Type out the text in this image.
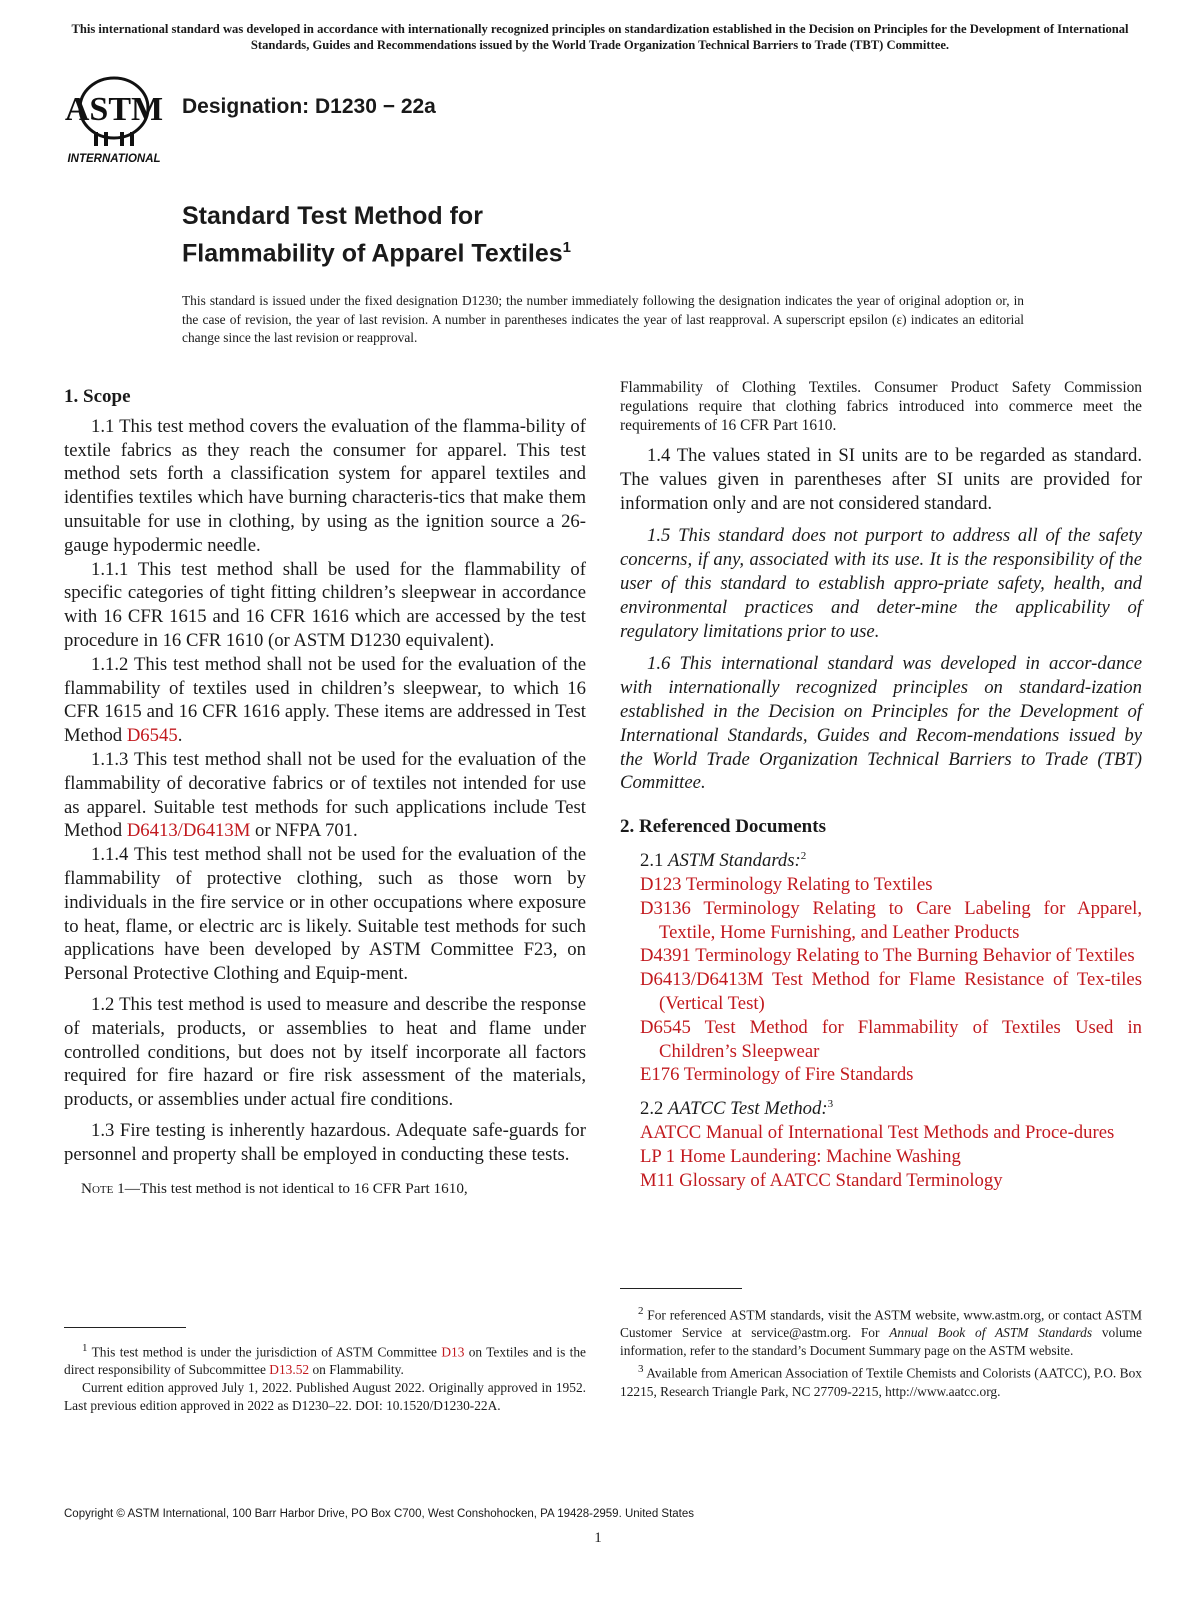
This international standard was developed in accordance with internationally recognized principles on standardization established in the Decision on Principles for the Development of International Standards, Guides and Recommendations issued by the World Trade Organization Technical Barriers to Trade (TBT) Committee.
ASTM
INTERNATIONAL
Designation: D1230 − 22a
Standard Test Method for
Flammability of Apparel Textiles$^1$
This standard is issued under the fixed designation D1230; the number immediately following the designation indicates the year of original adoption or, in the case of revision, the year of last revision. A number in parentheses indicates the year of last reapproval. A superscript epsilon (ε) indicates an editorial change since the last revision or reapproval.

1. Scope

1.1 This test method covers the evaluation of the flamma-bility of textile fabrics as they reach the consumer for apparel. This test method sets forth a classification system for apparel textiles and identifies textiles which have burning characteris-tics that make them unsuitable for use in clothing, by using as the ignition source a 26-gauge hypodermic needle.

1.1.1 This test method shall be used for the flammability of specific categories of tight fitting children’s sleepwear in accordance with 16 CFR 1615 and 16 CFR 1616 which are accessed by the test procedure in 16 CFR 1610 (or ASTM D1230 equivalent).

1.1.2 This test method shall not be used for the evaluation of the flammability of textiles used in children’s sleepwear, to which 16 CFR 1615 and 16 CFR 1616 apply. These items are addressed in Test Method D6545.

1.1.3 This test method shall not be used for the evaluation of the flammability of decorative fabrics or of textiles not intended for use as apparel. Suitable test methods for such applications include Test Method D6413/D6413M or NFPA 701.

1.1.4 This test method shall not be used for the evaluation of the flammability of protective clothing, such as those worn by individuals in the fire service or in other occupations where exposure to heat, flame, or electric arc is likely. Suitable test methods for such applications have been developed by ASTM Committee F23, on Personal Protective Clothing and Equip-ment.

1.2 This test method is used to measure and describe the response of materials, products, or assemblies to heat and flame under controlled conditions, but does not by itself incorporate all factors required for fire hazard or fire risk assessment of the materials, products, or assemblies under actual fire conditions.

1.3 Fire testing is inherently hazardous. Adequate safe-guards for personnel and property shall be employed in conducting these tests.

Note 1—This test method is not identical to 16 CFR Part 1610,

Flammability of Clothing Textiles. Consumer Product Safety Commission regulations require that clothing fabrics introduced into commerce meet the requirements of 16 CFR Part 1610.

1.4 The values stated in SI units are to be regarded as standard. The values given in parentheses after SI units are provided for information only and are not considered standard.

1.5 This standard does not purport to address all of the safety concerns, if any, associated with its use. It is the responsibility of the user of this standard to establish appro-priate safety, health, and environmental practices and deter-mine the applicability of regulatory limitations prior to use.

1.6 This international standard was developed in accor-dance with internationally recognized principles on standard-ization established in the Decision on Principles for the Development of International Standards, Guides and Recom-mendations issued by the World Trade Organization Technical Barriers to Trade (TBT) Committee.

2. Referenced Documents

2.1 ASTM Standards:$^2$

D123 Terminology Relating to Textiles

D3136 Terminology Relating to Care Labeling for Apparel, Textile, Home Furnishing, and Leather Products

D4391 Terminology Relating to The Burning Behavior of Textiles

D6413/D6413M Test Method for Flame Resistance of Tex-tiles (Vertical Test)

D6545 Test Method for Flammability of Textiles Used in Children’s Sleepwear

E176 Terminology of Fire Standards

2.2 AATCC Test Method:$^3$

AATCC Manual of International Test Methods and Proce-dures

LP 1 Home Laundering: Machine Washing

M11 Glossary of AATCC Standard Terminology

$^1$ This test method is under the jurisdiction of ASTM Committee D13 on Textiles and is the direct responsibility of Subcommittee D13.52 on Flammability.

Current edition approved July 1, 2022. Published August 2022. Originally approved in 1952. Last previous edition approved in 2022 as D1230–22. DOI: 10.1520/D1230-22A.

$^2$ For referenced ASTM standards, visit the ASTM website, www.astm.org, or contact ASTM Customer Service at service@astm.org. For Annual Book of ASTM Standards volume information, refer to the standard’s Document Summary page on the ASTM website.

$^3$ Available from American Association of Textile Chemists and Colorists (AATCC), P.O. Box 12215, Research Triangle Park, NC 27709-2215, http://www.aatcc.org.

Copyright © ASTM International, 100 Barr Harbor Drive, PO Box C700, West Conshohocken, PA 19428-2959. United States
1
